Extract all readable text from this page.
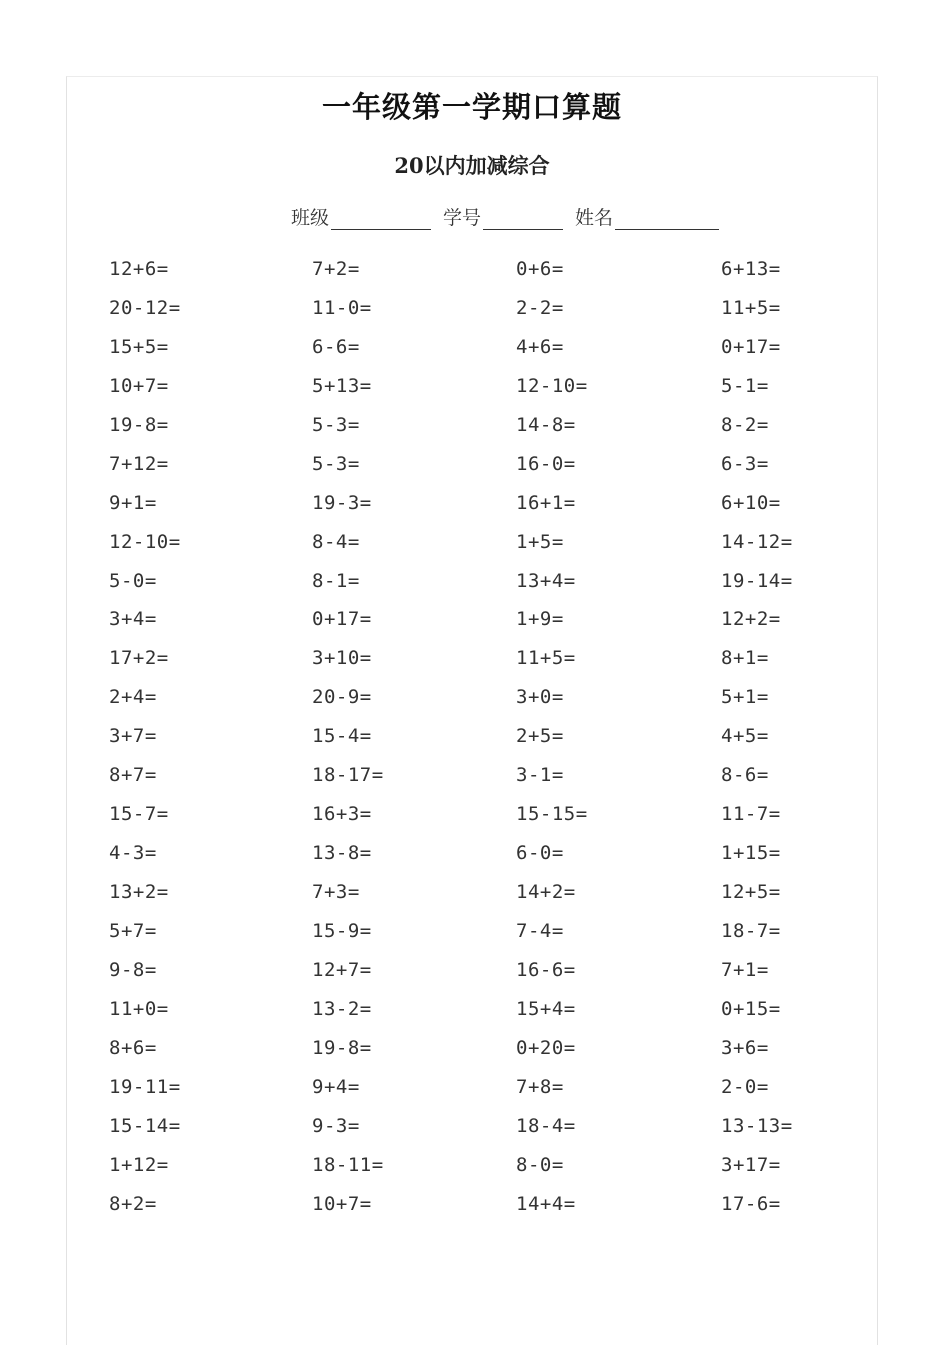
一年级第一学期口算题
20以内加减综合
班级	学号	姓名
12+6=	7+2=	0+6=	6+13=
20-12=	11-0=	2-2=	11+5=
15+5=	6-6=	4+6=	0+17=
10+7=	5+13=	12-10=	5-1=
19-8=	5-3=	14-8=	8-2=
7+12=	5-3=	16-0=	6-3=
9+1=	19-3=	16+1=	6+10=
12-10=	8-4=	1+5=	14-12=
5-0=	8-1=	13+4=	19-14=
3+4=	0+17=	1+9=	12+2=
17+2=	3+10=	11+5=	8+1=
2+4=	20-9=	3+0=	5+1=
3+7=	15-4=	2+5=	4+5=
8+7=	18-17=	3-1=	8-6=
15-7=	16+3=	15-15=	11-7=
4-3=	13-8=	6-0=	1+15=
13+2=	7+3=	14+2=	12+5=
5+7=	15-9=	7-4=	18-7=
9-8=	12+7=	16-6=	7+1=
11+0=	13-2=	15+4=	0+15=
8+6=	19-8=	0+20=	3+6=
19-11=	9+4=	7+8=	2-0=
15-14=	9-3=	18-4=	13-13=
1+12=	18-11=	8-0=	3+17=
8+2=	10+7=	14+4=	17-6=
